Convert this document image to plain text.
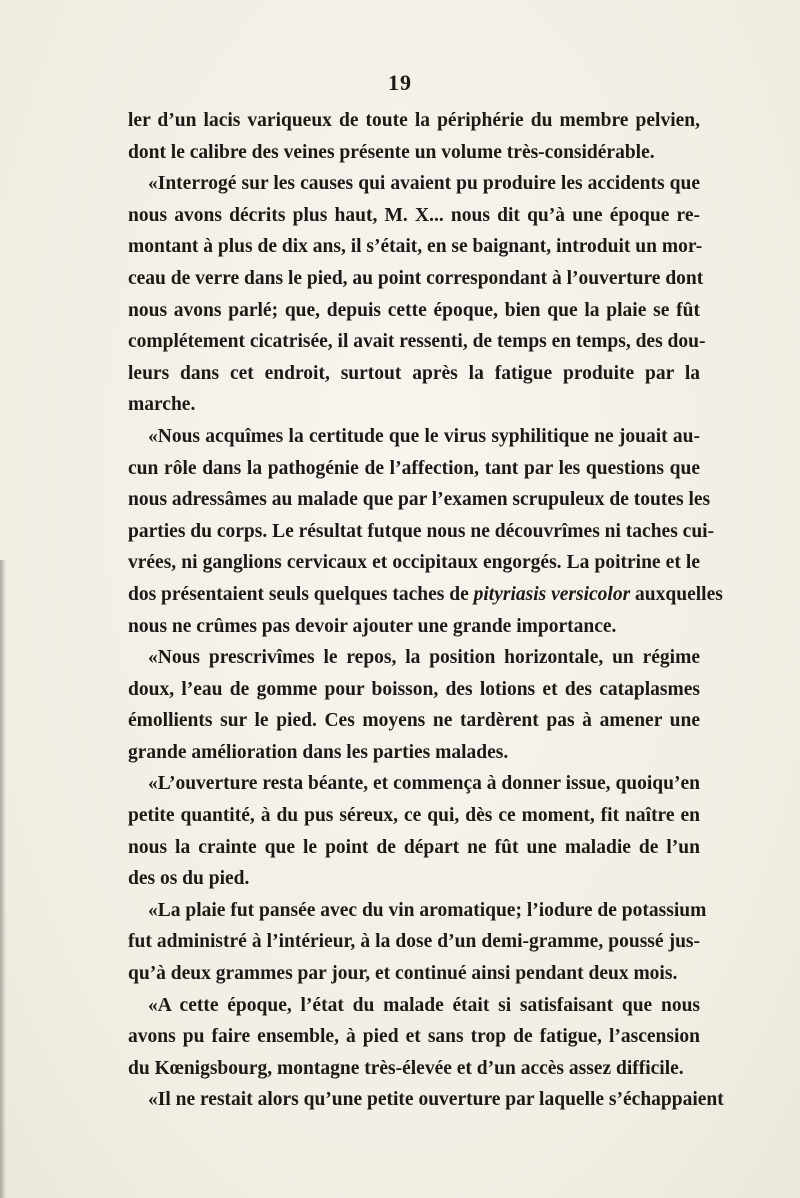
19
ler d’un lacis variqueux de toute la périphérie du membre pelvien,
dont le calibre des veines présente un volume très-considérable.
«Interrogé sur les causes qui avaient pu produire les accidents que
nous avons décrits plus haut, M. X... nous dit qu’à une époque re-
montant à plus de dix ans, il s’était, en se baignant, introduit un mor-
ceau de verre dans le pied, au point correspondant à l’ouverture dont
nous avons parlé; que, depuis cette époque, bien que la plaie se fût
complétement cicatrisée, il avait ressenti, de temps en temps, des dou-
leurs dans cet endroit, surtout après la fatigue produite par la
marche.
«Nous acquîmes la certitude que le virus syphilitique ne jouait au-
cun rôle dans la pathogénie de l’affection, tant par les questions que
nous adressâmes au malade que par l’examen scrupuleux de toutes les
parties du corps. Le résultat futque nous ne découvrîmes ni taches cui-
vrées, ni ganglions cervicaux et occipitaux engorgés. La poitrine et le
dos présentaient seuls quelques taches de pityriasis versicolor auxquelles
nous ne crûmes pas devoir ajouter une grande importance.
«Nous prescrivîmes le repos, la position horizontale, un régime
doux, l’eau de gomme pour boisson, des lotions et des cataplasmes
émollients sur le pied. Ces moyens ne tardèrent pas à amener une
grande amélioration dans les parties malades.
«L’ouverture resta béante, et commença à donner issue, quoiqu’en
petite quantité, à du pus séreux, ce qui, dès ce moment, fit naître en
nous la crainte que le point de départ ne fût une maladie de l’un
des os du pied.
«La plaie fut pansée avec du vin aromatique; l’iodure de potassium
fut administré à l’intérieur, à la dose d’un demi-gramme, poussé jus-
qu’à deux grammes par jour, et continué ainsi pendant deux mois.
«A cette époque, l’état du malade était si satisfaisant que nous
avons pu faire ensemble, à pied et sans trop de fatigue, l’ascension
du Kœnigsbourg, montagne très-élevée et d’un accès assez difficile.
«Il ne restait alors qu’une petite ouverture par laquelle s’échappaient
